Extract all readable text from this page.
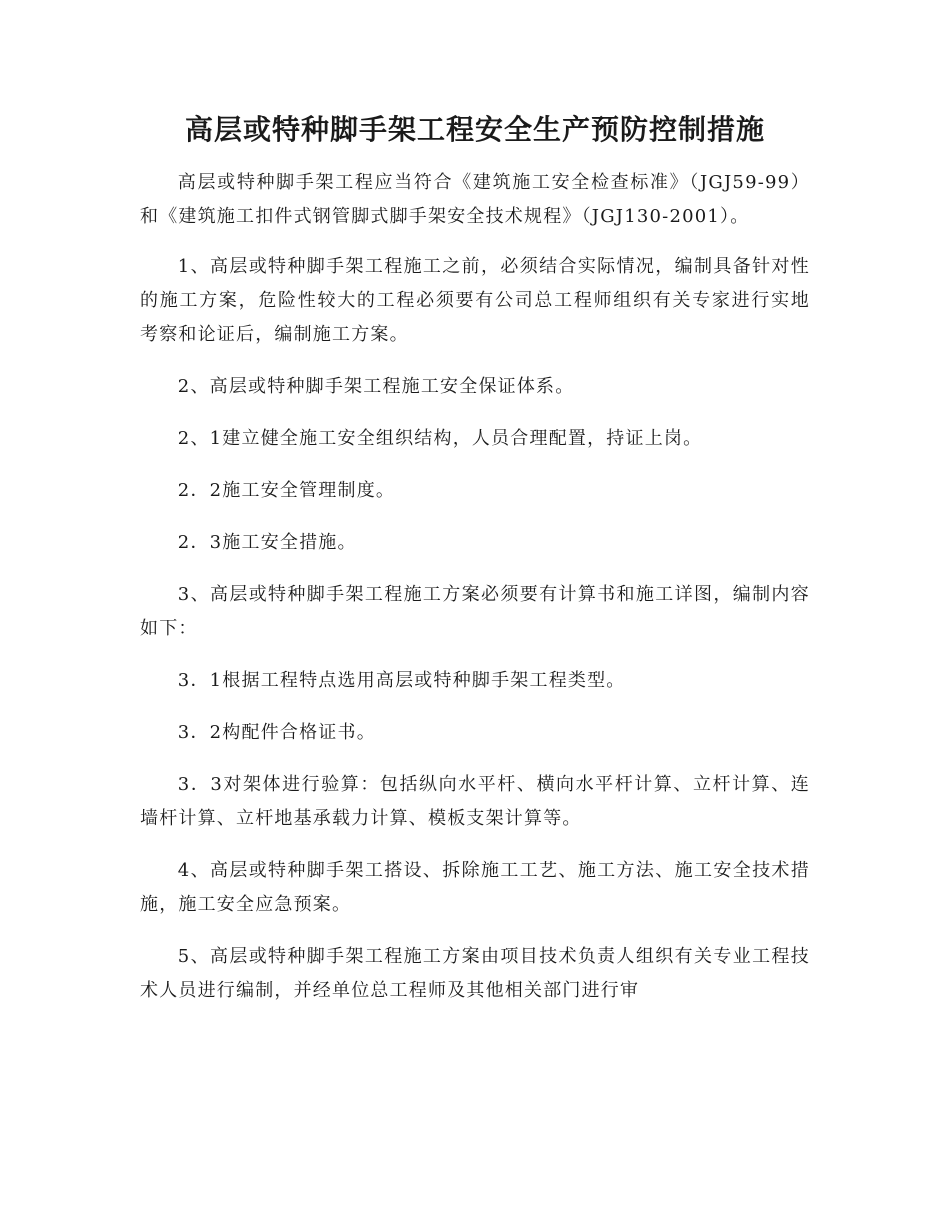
高层或特种脚手架工程安全生产预防控制措施

高层或特种脚手架工程应当符合《建筑施工安全检查标准》（JGJ59-99）和《建筑施工扣件式钢管脚式脚手架安全技术规程》（JGJ130-2001）。

1、高层或特种脚手架工程施工之前，必须结合实际情况，编制具备针对性的施工方案，危险性较大的工程必须要有公司总工程师组织有关专家进行实地考察和论证后，编制施工方案。

2、高层或特种脚手架工程施工安全保证体系。

2、1建立健全施工安全组织结构，人员合理配置，持证上岗。

2．2施工安全管理制度。

2．3施工安全措施。

3、高层或特种脚手架工程施工方案必须要有计算书和施工详图，编制内容如下：

3．1根据工程特点选用高层或特种脚手架工程类型。

3．2构配件合格证书。

3．3对架体进行验算：包括纵向水平杆、横向水平杆计算、立杆计算、连墙杆计算、立杆地基承载力计算、模板支架计算等。

4、高层或特种脚手架工搭设、拆除施工工艺、施工方法、施工安全技术措施，施工安全应急预案。

5、高层或特种脚手架工程施工方案由项目技术负责人组织有关专业工程技术人员进行编制，并经单位总工程师及其他相关部门进行审
